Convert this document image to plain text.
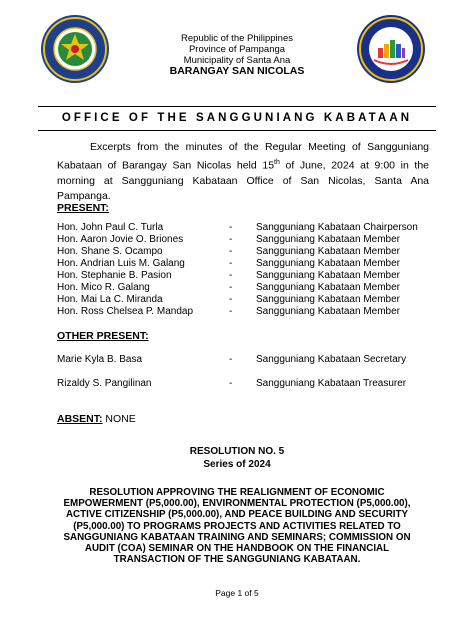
Republic of the Philippines
Province of Pampanga
Municipality of Santa Ana
BARANGAY SAN NICOLAS
OFFICE OF THE SANGGUNIANG KABATAAN
Excerpts from the minutes of the Regular Meeting of Sangguniang Kabataan of Barangay San Nicolas held 15th of June, 2024 at 9:00 in the morning at Sangguniang Kabataan Office of San Nicolas, Santa Ana Pampanga.
PRESENT:
Hon. John Paul C. Turla	- Sangguniang Kabataan Chairperson
Hon. Aaron Jovie O. Briones	- Sangguniang Kabataan Member
Hon. Shane S. Ocampo	- Sangguniang Kabataan Member
Hon. Andrian Luis M. Galang	- Sangguniang Kabataan Member
Hon. Stephanie B. Pasion	- Sangguniang Kabataan Member
Hon. Mico R. Galang	- Sangguniang Kabataan Member
Hon. Mai La C. Miranda	- Sangguniang Kabataan Member
Hon. Ross Chelsea P. Mandap	- Sangguniang Kabataan Member
OTHER PRESENT:
Marie Kyla B. Basa	- Sangguniang Kabataan Secretary
Rizaldy S. Pangilinan	- Sangguniang Kabataan Treasurer
ABSENT: NONE
RESOLUTION NO. 5
Series of 2024
RESOLUTION APPROVING THE REALIGNMENT OF ECONOMIC EMPOWERMENT (P5,000.00), ENVIRONMENTAL PROTECTION (P5,000.00), ACTIVE CITIZENSHIP (P5,000.00), AND PEACE BUILDING AND SECURITY (P5,000.00) TO PROGRAMS PROJECTS AND ACTIVITIES RELATED TO SANGGUNIANG KABATAAN TRAINING AND SEMINARS; COMMISSION ON AUDIT (COA) SEMINAR ON THE HANDBOOK ON THE FINANCIAL TRANSACTION OF THE SANGGUNIANG KABATAAN.
Page 1 of 5
